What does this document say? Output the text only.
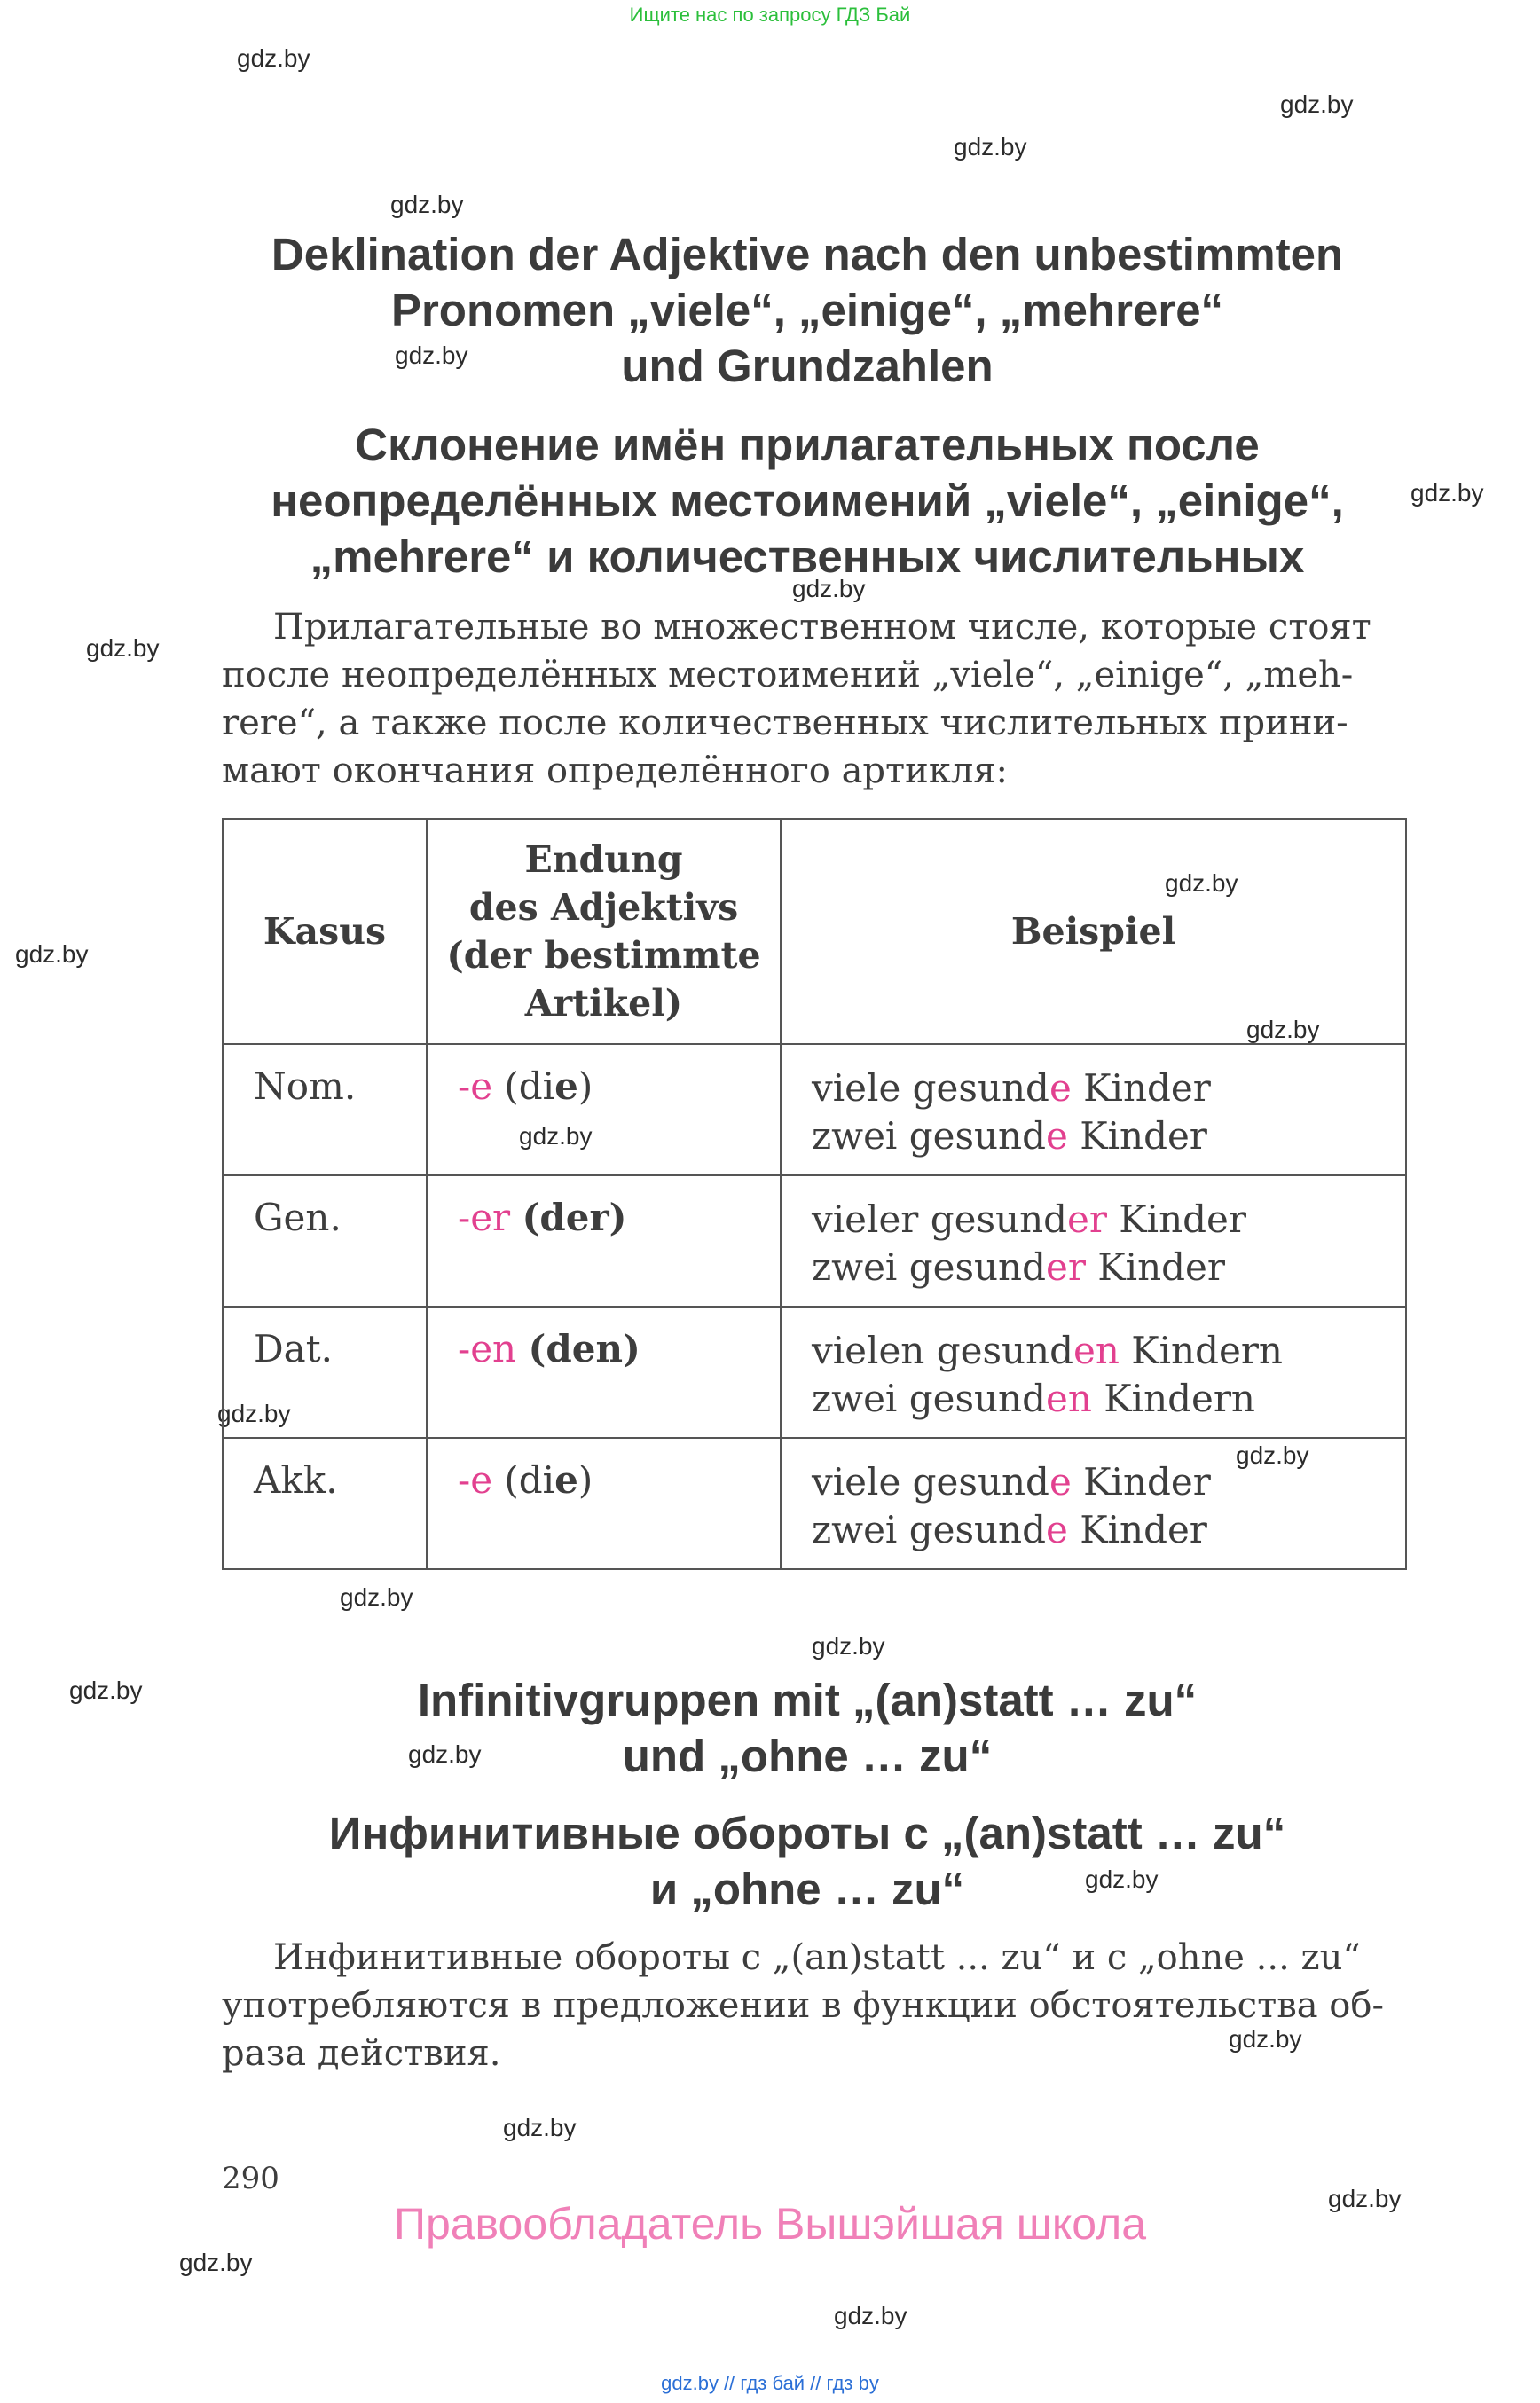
Ищите нас по запросу ГДЗ Бай
gdz.by
gdz.by
gdz.by
gdz.by
gdz.by
gdz.by
gdz.by
gdz.by
gdz.by
gdz.by
gdz.by
gdz.by
gdz.by
gdz.by
gdz.by
gdz.by
gdz.by
gdz.by
gdz.by
gdz.by
gdz.by
gdz.by
gdz.by
gdz.by
Deklination der Adjektive nach den unbestimmten
Pronomen „viele“, „einige“, „mehrere“
und Grundzahlen
Склонение имён прилагательных после
неопределённых местоимений „viele“, „einige“,
„mehrere“ и количественных числительных
Прилагательные во множественном числе, которые стоят
после неопределённых местоимений „viele“, „einige“, „meh-
rere“, а также после количественных числительных прини-
мают окончания определённого артикля:
Kasus	Endung
des Adjektivs
(der bestimmte
Artikel)	Beispiel
Nom.	-e (die)	viele gesunde Kinder
zwei gesunde Kinder

Gen.	-er (der)	vieler gesunder Kinder
zwei gesunder Kinder

Dat.	-en (den)	vielen gesunden Kindern
zwei gesunden Kindern

Akk.	-e (die)	viele gesunde Kinder
zwei gesunde Kinder
Infinitivgruppen mit „(an)statt … zu“
und „ohne … zu“
Инфинитивные обороты с „(an)statt … zu“
и „ohne … zu“
Инфинитивные обороты с „(an)statt ... zu“ и с „ohne ... zu“
употребляются в предложении в функции обстоятельства об-
раза действия.
290
Правообладатель Вышэйшая школа
gdz.by // гдз бай // гдз by
